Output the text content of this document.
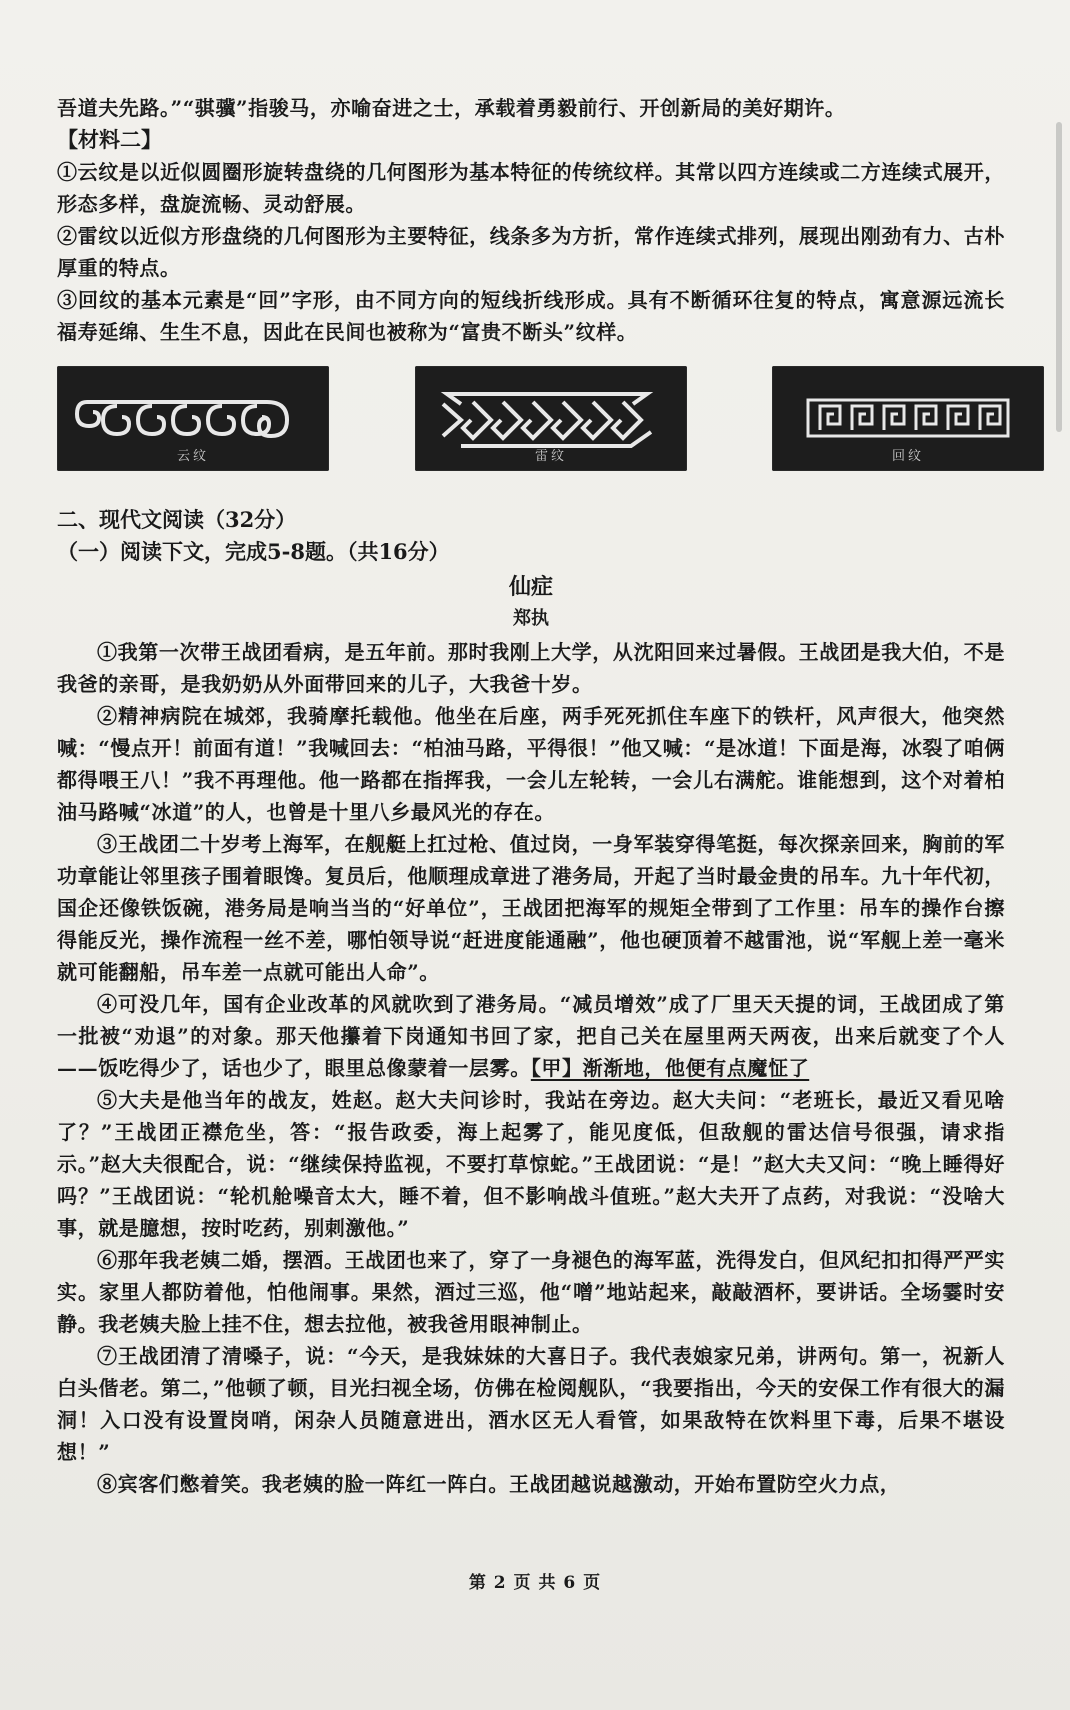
吾道夫先路。”“骐骥”指骏马，亦喻奋进之士，承载着勇毅前行、开创新局的美好期许。

【材料二】

①云纹是以近似圆圈形旋转盘绕的几何图形为基本特征的传统纹样。其常以四方连续或二方连续式展开，形态多样，盘旋流畅、灵动舒展。

②雷纹以近似方形盘绕的几何图形为主要特征，线条多为方折，常作连续式排列，展现出刚劲有力、古朴厚重的特点。

③回纹的基本元素是“回”字形，由不同方向的短线折线形成。具有不断循环往复的特点，寓意源远流长福寿延绵、生生不息，因此在民间也被称为“富贵不断头”纹样。

云纹	雷纹	回纹

二、现代文阅读（32分）

（一）阅读下文，完成5-8题。（共16分）

仙症

郑执

①我第一次带王战团看病，是五年前。那时我刚上大学，从沈阳回来过暑假。王战团是我大伯，不是我爸的亲哥，是我奶奶从外面带回来的儿子，大我爸十岁。

②精神病院在城郊，我骑摩托载他。他坐在后座，两手死死抓住车座下的铁杆，风声很大，他突然喊：“慢点开！前面有道！”我喊回去：“柏油马路，平得很！”他又喊：“是冰道！下面是海，冰裂了咱俩都得喂王八！”我不再理他。他一路都在指挥我，一会儿左轮转，一会儿右满舵。谁能想到，这个对着柏油马路喊“冰道”的人，也曾是十里八乡最风光的存在。

③王战团二十岁考上海军，在舰艇上扛过枪、值过岗，一身军装穿得笔挺，每次探亲回来，胸前的军功章能让邻里孩子围着眼馋。复员后，他顺理成章进了港务局，开起了当时最金贵的吊车。九十年代初，国企还像铁饭碗，港务局是响当当的“好单位”，王战团把海军的规矩全带到了工作里：吊车的操作台擦得能反光，操作流程一丝不差，哪怕领导说“赶进度能通融”，他也硬顶着不越雷池，说“军舰上差一毫米就可能翻船，吊车差一点就可能出人命”。

④可没几年，国有企业改革的风就吹到了港务局。“减员增效”成了厂里天天提的词，王战团成了第一批被“劝退”的对象。那天他攥着下岗通知书回了家，把自己关在屋里两天两夜，出来后就变了个人——饭吃得少了，话也少了，眼里总像蒙着一层雾。【甲】渐渐地，他便有点魔怔了

⑤大夫是他当年的战友，姓赵。赵大夫问诊时，我站在旁边。赵大夫问：“老班长，最近又看见啥了？”王战团正襟危坐，答：“报告政委，海上起雾了，能见度低，但敌舰的雷达信号很强，请求指示。”赵大夫很配合，说：“继续保持监视，不要打草惊蛇。”王战团说：“是！”赵大夫又问：“晚上睡得好吗？”王战团说：“轮机舱噪音太大，睡不着，但不影响战斗值班。”赵大夫开了点药，对我说：“没啥大事，就是臆想，按时吃药，别刺激他。”

⑥那年我老姨二婚，摆酒。王战团也来了，穿了一身褪色的海军蓝，洗得发白，但风纪扣扣得严严实实。家里人都防着他，怕他闹事。果然，酒过三巡，他“噌”地站起来，敲敲酒杯，要讲话。全场霎时安静。我老姨夫脸上挂不住，想去拉他，被我爸用眼神制止。

⑦王战团清了清嗓子，说：“今天，是我妹妹的大喜日子。我代表娘家兄弟，讲两句。第一，祝新人白头偕老。第二，”他顿了顿，目光扫视全场，仿佛在检阅舰队，“我要指出，今天的安保工作有很大的漏洞！入口没有设置岗哨，闲杂人员随意进出，酒水区无人看管，如果敌特在饮料里下毒，后果不堪设想！”

⑧宾客们憋着笑。我老姨的脸一阵红一阵白。王战团越说越激动，开始布置防空火力点，

第 2 页 共 6 页
